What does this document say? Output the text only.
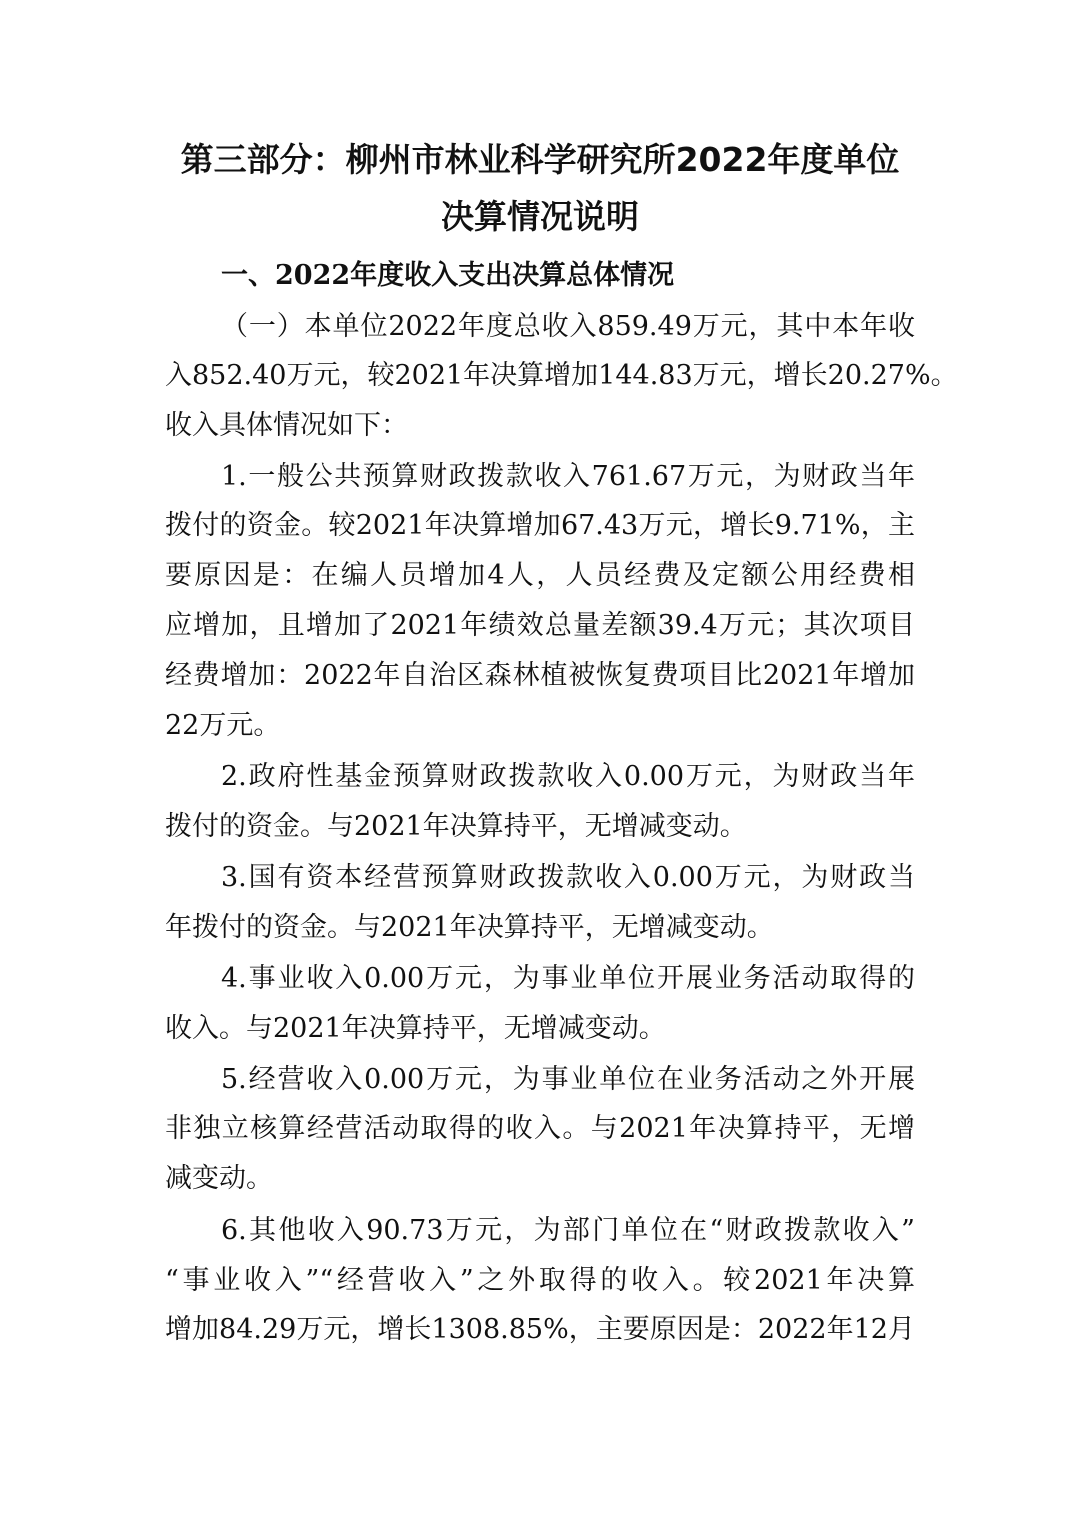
第三部分：柳州市林业科学研究所2022年度单位
决算情况说明
一、2022年度收入支出决算总体情况
（一）本单位2022年度总收入859.49万元，其中本年收
入852.40万元，较2021年决算增加144.83万元，增长20.27%。
收入具体情况如下：
1.一般公共预算财政拨款收入761.67万元，为财政当年
拨付的资金。较2021年决算增加67.43万元，增长9.71%，主
要原因是：在编人员增加4人，人员经费及定额公用经费相
应增加，且增加了2021年绩效总量差额39.4万元；其次项目
经费增加：2022年自治区森林植被恢复费项目比2021年增加
22万元。
2.政府性基金预算财政拨款收入0.00万元，为财政当年
拨付的资金。与2021年决算持平，无增减变动。
3.国有资本经营预算财政拨款收入0.00万元，为财政当
年拨付的资金。与2021年决算持平，无增减变动。
4.事业收入0.00万元，为事业单位开展业务活动取得的
收入。与2021年决算持平，无增减变动。
5.经营收入0.00万元，为事业单位在业务活动之外开展
非独立核算经营活动取得的收入。与2021年决算持平，无增
减变动。
6.其他收入90.73万元，为部门单位在“财政拨款收入”
“事业收入”“经营收入”之外取得的收入。较2021年决算
增加84.29万元，增长1308.85%，主要原因是：2022年12月
